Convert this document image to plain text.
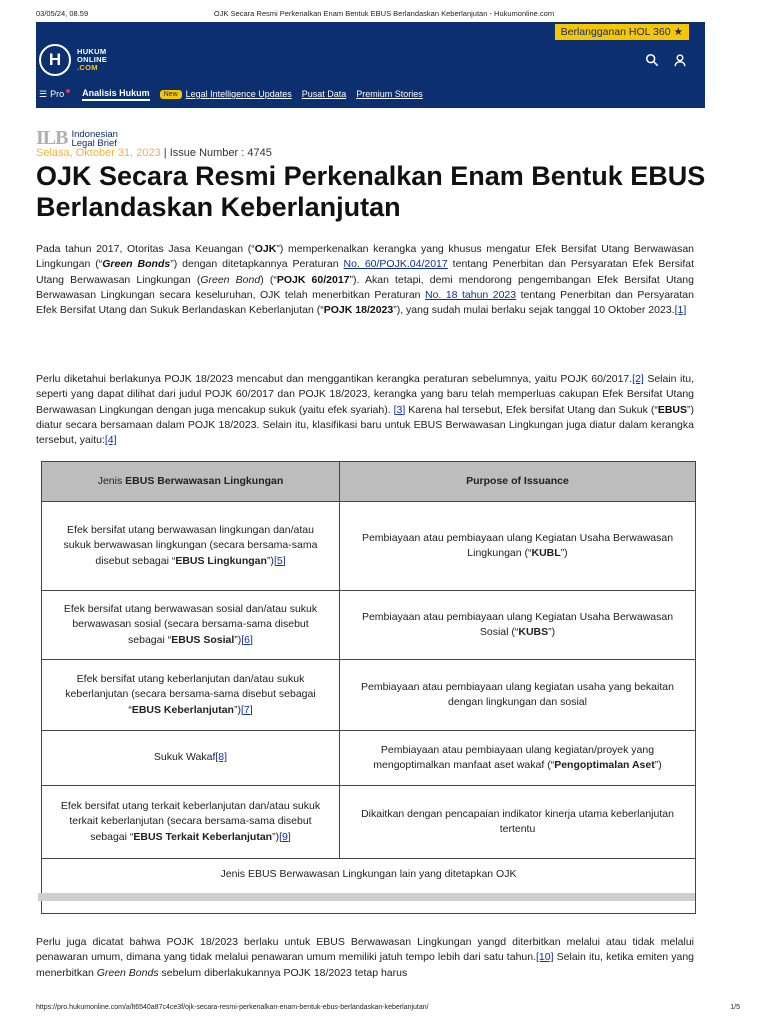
03/05/24, 08.59	OJK Secara Resmi Perkenalkan Enam Bentuk EBUS Berlandaskan Keberlanjutan - Hukumonline.com
Berlangganan HOL 360 ★
H	HUKUM
ONLINE
.COM
☰ Pro Analisis Hukum	New Legal Intelligence Updates Pusat Data Premium Stories
ILB Indonesian
Legal Brief
Selasa, Oktober 31, 2023 | Issue Number : 4745
OJK Secara Resmi Perkenalkan Enam Bentuk EBUS Berlandaskan Keberlanjutan

Pada tahun 2017, Otoritas Jasa Keuangan (“OJK”) memperkenalkan kerangka yang khusus mengatur Efek Bersifat Utang Berwawasan Lingkungan (“Green Bonds”) dengan ditetapkannya Peraturan No. 60/POJK.04/2017 tentang Penerbitan dan Persyaratan Efek Bersifat Utang Berwawasan Lingkungan (Green Bond) (“POJK 60/2017”). Akan tetapi, demi mendorong pengembangan Efek Bersifat Utang Berwawasan Lingkungan secara keseluruhan, OJK telah menerbitkan Peraturan No. 18 tahun 2023 tentang Penerbitan dan Persyaratan Efek Bersifat Utang dan Sukuk Berlandaskan Keberlanjutan (“POJK 18/2023”), yang sudah mulai berlaku sejak tanggal 10 Oktober 2023.[1]

Perlu diketahui berlakunya POJK 18/2023 mencabut dan menggantikan kerangka peraturan sebelumnya, yaitu POJK 60/2017.[2] Selain itu, seperti yang dapat dilihat dari judul POJK 60/2017 dan POJK 18/2023, kerangka yang baru telah memperluas cakupan Efek Bersifat Utang Berwawasan Lingkungan dengan juga mencakup sukuk (yaitu efek syariah). [3] Karena hal tersebut, Efek bersifat Utang dan Sukuk (“EBUS”) diatur secara bersamaan dalam POJK 18/2023. Selain itu, klasifikasi baru untuk EBUS Berwawasan Lingkungan juga diatur dalam kerangka tersebut, yaitu:[4]

Jenis EBUS Berwawasan Lingkungan	Purpose of Issuance
Efek bersifat utang berwawasan lingkungan dan/atau sukuk berwawasan lingkungan (secara bersama-sama disebut sebagai “EBUS Lingkungan”)[5]	Pembiayaan atau pembiayaan ulang Kegiatan Usaha Berwawasan Lingkungan (“KUBL”)
Efek bersifat utang berwawasan sosial dan/atau sukuk berwawasan sosial (secara bersama-sama disebut sebagai “EBUS Sosial”)[6]	Pembiayaan atau pembiayaan ulang Kegiatan Usaha Berwawasan Sosial (“KUBS”)
Efek bersifat utang keberlanjutan dan/atau sukuk keberlanjutan (secara bersama-sama disebut sebagai “EBUS Keberlanjutan”)[7]	Pembiayaan atau pembiayaan ulang kegiatan usaha yang bekaitan dengan lingkungan dan sosial
Sukuk Wakaf[8]	Pembiayaan atau pembiayaan ulang kegiatan/proyek yang mengoptimalkan manfaat aset wakaf (“Pengoptimalan Aset”)
Efek bersifat utang terkait keberlanjutan dan/atau sukuk terkait keberlanjutan (secara bersama-sama disebut sebagai “EBUS Terkait Keberlanjutan”)[9]	Dikaitkan dengan pencapaian indikator kinerja utama keberlanjutan tertentu
Jenis EBUS Berwawasan Lingkungan lain yang ditetapkan OJK	

Perlu juga dicatat bahwa POJK 18/2023 berlaku untuk EBUS Berwawasan Lingkungan yangd diterbitkan melalui atau tidak melalui penawaran umum, dimana yang tidak melalui penawaran umum memiliki jatuh tempo lebih dari satu tahun.[10] Selain itu, ketika emiten yang menerbitkan Green Bonds sebelum diberlakukannya POJK 18/2023 tetap harus

https://pro.hukumonline.com/a/lt6540a87c4ce3f/ojk-secara-resmi-perkenalkan-enam-bentuk-ebus-berlandaskan-keberlanjutan/	1/5
